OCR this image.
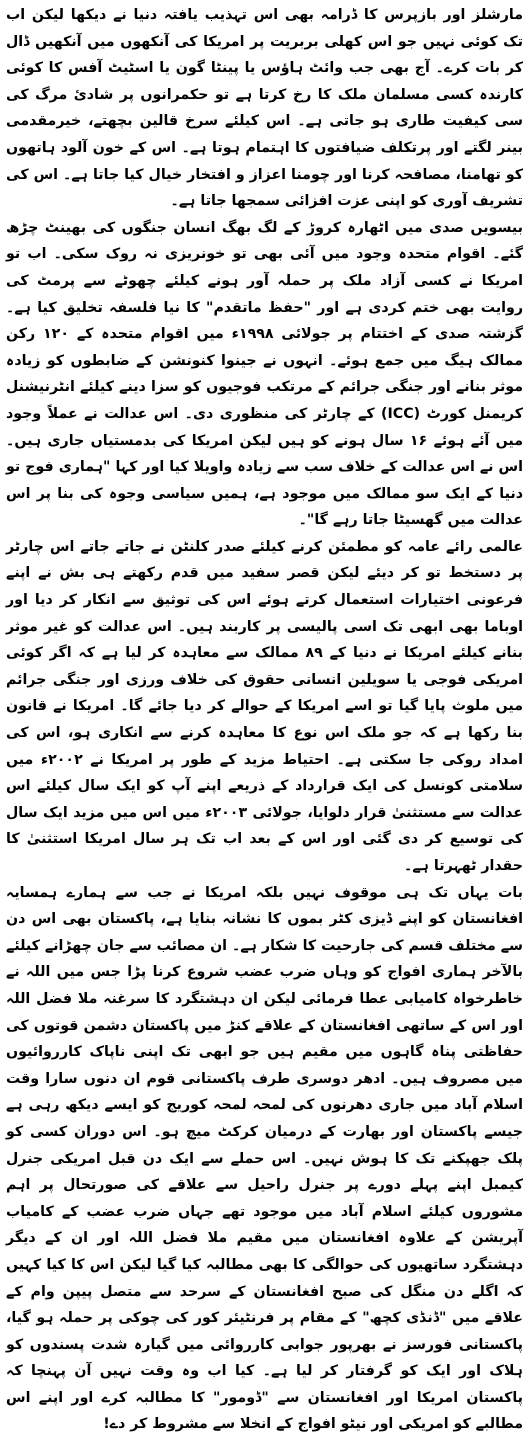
مارشلز اور بازپرس کا ڈرامہ بھی اس تہذیب یافتہ دنیا نے دیکھا لیکن اب تک کوئی نہیں جو اس کھلی بربریت پر امریکا کی آنکھوں میں آنکھیں ڈال کر بات کرے۔ آج بھی جب وائٹ ہاؤس یا پینٹا گون یا اسٹیٹ آفس کا کوئی کارندہ کسی مسلمان ملک کا رخ کرتا ہے تو حکمرانوں پر شادیٔ مرگ کی سی کیفیت طاری ہو جاتی ہے۔ اس کیلئے سرخ قالین بچھتے، خیرمقدمی بینر لگتے اور پرتکلف ضیافتوں کا اہتمام ہوتا ہے۔ اس کے خون آلود ہاتھوں کو تھامنا، مصافحہ کرنا اور چومنا اعزاز و افتخار خیال کیا جاتا ہے۔ اس کی تشریف آوری کو اپنی عزت افزائی سمجھا جاتا ہے۔

بیسویں صدی میں اٹھارہ کروڑ کے لگ بھگ انسان جنگوں کی بھینٹ چڑھ گئے۔ اقوام متحدہ وجود میں آئی بھی تو خونریزی نہ روک سکی۔ اب تو امریکا نے کسی آزاد ملک پر حملہ آور ہونے کیلئے چھوٹے سے پرمٹ کی روایت بھی ختم کردی ہے اور "حفظ ماتقدم" کا نیا فلسفہ تخلیق کیا ہے۔ گزشتہ صدی کے اختتام پر جولائی ۱۹۹۸ء میں اقوام متحدہ کے ۱۲۰ رکن ممالک ہیگ میں جمع ہوئے۔ انہوں نے جینوا کنونشن کے ضابطوں کو زیادہ موثر بنانے اور جنگی جرائم کے مرتکب فوجیوں کو سزا دینے کیلئے انٹرنیشنل کریمنل کورٹ (ICC) کے چارٹر کی منظوری دی۔ اس عدالت نے عملاً وجود میں آئے ہوئے ۱۶ سال ہونے کو ہیں لیکن امریکا کی بدمستیاں جاری ہیں۔ اس نے اس عدالت کے خلاف سب سے زیادہ واویلا کیا اور کہا "ہماری فوج تو دنیا کے ایک سو ممالک میں موجود ہے، ہمیں سیاسی وجوہ کی بنا پر اس عدالت میں گھسیٹا جاتا رہے گا"۔

عالمی رائے عامہ کو مطمئن کرنے کیلئے صدر کلنٹن نے جاتے جاتے اس چارٹر پر دستخط تو کر دیئے لیکن قصر سفید میں قدم رکھتے ہی بش نے اپنے فرعونی اختیارات استعمال کرتے ہوئے اس کی توثیق سے انکار کر دیا اور اوباما بھی ابھی تک اسی پالیسی پر کاربند ہیں۔ اس عدالت کو غیر موثر بنانے کیلئے امریکا نے دنیا کے ۸۹ ممالک سے معاہدہ کر لیا ہے کہ اگر کوئی امریکی فوجی یا سویلین انسانی حقوق کی خلاف ورزی اور جنگی جرائم میں ملوث پایا گیا تو اسے امریکا کے حوالے کر دیا جائے گا۔ امریکا نے قانون بنا رکھا ہے کہ جو ملک اس نوع کا معاہدہ کرنے سے انکاری ہو، اس کی امداد روکی جا سکتی ہے۔ احتیاط مزید کے طور پر امریکا نے ۲۰۰۲ء میں سلامتی کونسل کی ایک قرارداد کے ذریعے اپنے آپ کو ایک سال کیلئے اس عدالت سے مستثنیٰ قرار دلوایا، جولائی ۲۰۰۳ء میں اس میں مزید ایک سال کی توسیع کر دی گئی اور اس کے بعد اب تک ہر سال امریکا استثنیٰ کا حقدار ٹھہرتا ہے۔

بات یہاں تک ہی موقوف نہیں بلکہ امریکا نے جب سے ہمارے ہمسایہ افغانستان کو اپنے ڈیزی کٹر بموں کا نشانہ بنایا ہے، پاکستان بھی اس دن سے مختلف قسم کی جارحیت کا شکار ہے۔ ان مصائب سے جان چھڑانے کیلئے بالآخر ہماری افواج کو وہاں ضرب عضب شروع کرنا پڑا جس میں اللہ نے خاطرخواہ کامیابی عطا فرمائی لیکن ان دہشتگرد کا سرغنہ ملا فضل اللہ اور اس کے ساتھی افغانستان کے علاقے کنڑ میں پاکستان دشمن قوتوں کی حفاظتی پناہ گاہوں میں مقیم ہیں جو ابھی تک اپنی ناپاک کارروائیوں میں مصروف ہیں۔ ادھر دوسری طرف پاکستانی قوم ان دنوں سارا وقت اسلام آباد میں جاری دھرنوں کی لمحہ لمحہ کوریج کو ایسے دیکھ رہی ہے جیسے پاکستان اور بھارت کے درمیان کرکٹ میچ ہو۔ اس دوران کسی کو پلک جھپکنے تک کا ہوش نہیں۔ اس حملے سے ایک دن قبل امریکی جنرل کیمبل اپنے پہلے دورے پر جنرل راحیل سے علاقے کی صورتحال پر اہم مشوروں کیلئے اسلام آباد میں موجود تھے جہاں ضرب عضب کے کامیاب آپریشن کے علاوہ افغانستان میں مقیم ملا فضل اللہ اور ان کے دیگر دہشتگرد ساتھیوں کی حوالگی کا بھی مطالبہ کیا گیا لیکن اس کا کیا کہیں کہ اگلے دن منگل کی صبح افغانستان کے سرحد سے متصل پیپن وام کے علاقے میں "ڈنڈی کچھ" کے مقام پر فرنٹیئر کور کی چوکی پر حملہ ہو گیا، پاکستانی فورسز نے بھرپور جوابی کارروائی میں گیارہ شدت پسندوں کو ہلاک اور ایک کو گرفتار کر لیا ہے۔ کیا اب وہ وقت نہیں آن پہنچا کہ پاکستان امریکا اور افغانستان سے "ڈومور" کا مطالبہ کرے اور اپنے اس مطالبے کو امریکی اور نیٹو افواج کے انخلا سے مشروط کر دے!
